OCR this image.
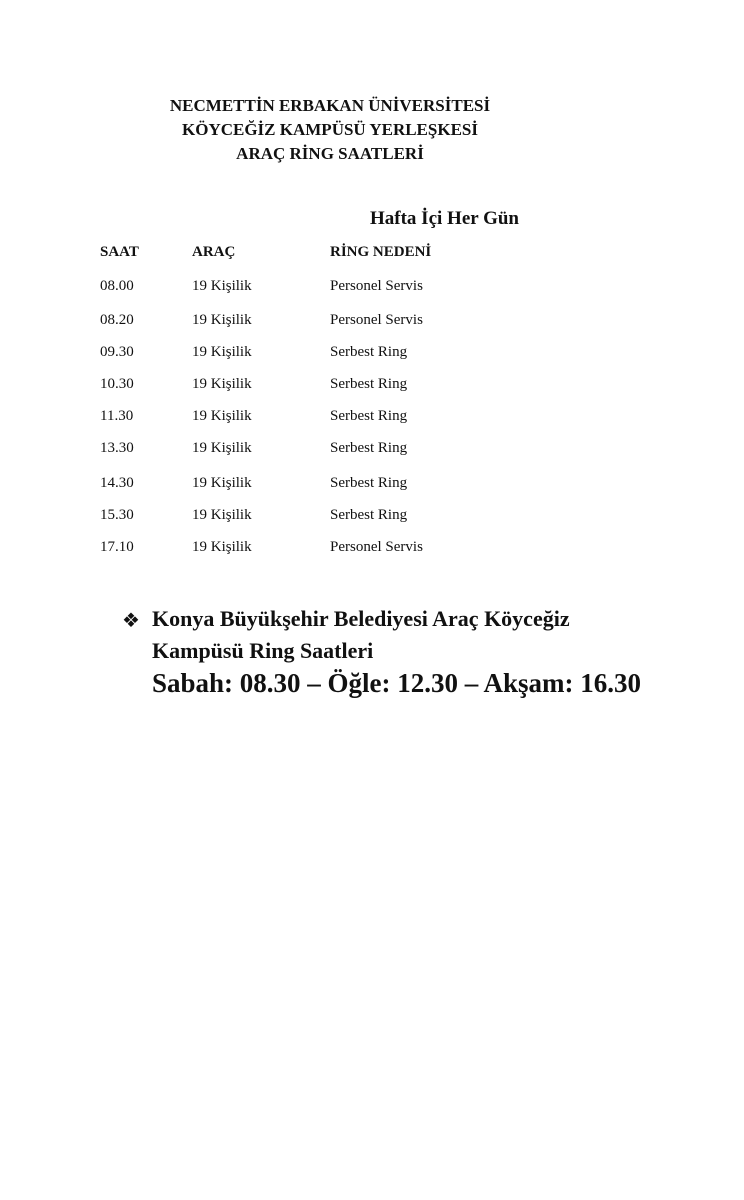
NECMETTİN ERBAKAN ÜNİVERSİTESİ
KÖYCEĞİZ KAMPÜSÜ YERLEŞKESİ
ARAÇ RİNG SAATLERİ
Hafta İçi Her Gün
SAAT	ARAÇ	RİNG NEDENİ
08.00	19 Kişilik	Personel Servis
08.20	19 Kişilik	Personel Servis
09.30	19 Kişilik	Serbest Ring
10.30	19 Kişilik	Serbest Ring
11.30	19 Kişilik	Serbest Ring
13.30	19 Kişilik	Serbest Ring
14.30	19 Kişilik	Serbest Ring
15.30	19 Kişilik	Serbest Ring
17.10	19 Kişilik	Personel Servis
❖ Konya Büyükşehir Belediyesi Araç Köyceğiz
Kampüsü Ring Saatleri
Sabah: 08.30 – Öğle: 12.30 – Akşam: 16.30
